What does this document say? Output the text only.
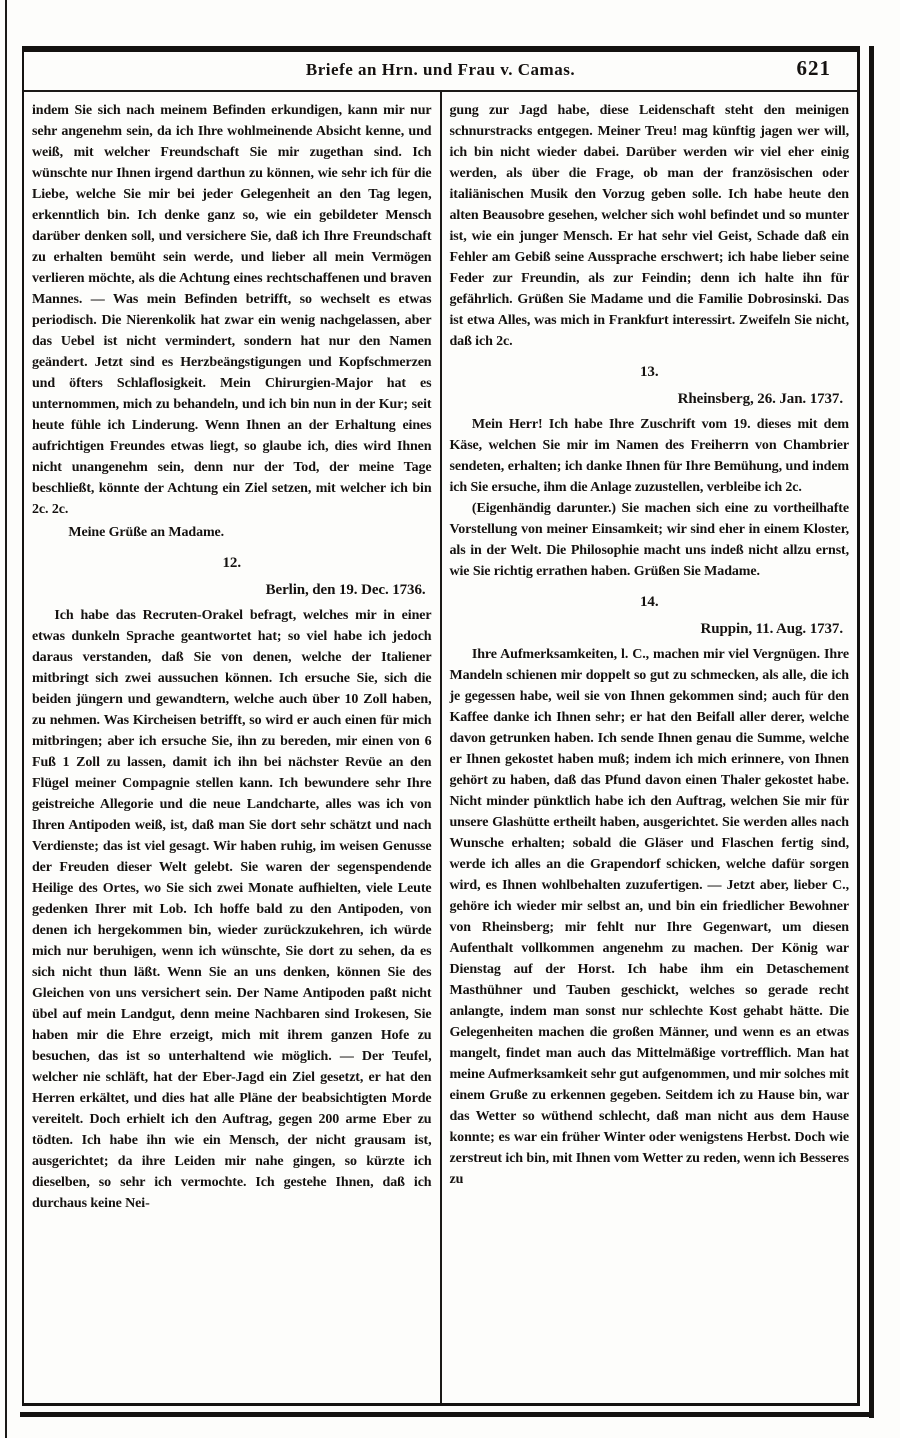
Briefe an Hrn. und Frau v. Camas.	621

indem Sie sich nach meinem Befinden erkundigen, kann mir nur sehr angenehm sein, da ich Ihre wohlmeinende Absicht kenne, und weiß, mit welcher Freundschaft Sie mir zugethan sind. Ich wünschte nur Ihnen irgend darthun zu können, wie sehr ich für die Liebe, welche Sie mir bei jeder Gelegenheit an den Tag legen, erkenntlich bin. Ich denke ganz so, wie ein gebildeter Mensch darüber denken soll, und versichere Sie, daß ich Ihre Freundschaft zu erhalten bemüht sein werde, und lieber all mein Vermögen verlieren möchte, als die Achtung eines rechtschaffenen und braven Mannes. — Was mein Befinden betrifft, so wechselt es etwas periodisch. Die Nierenkolik hat zwar ein wenig nachgelassen, aber das Uebel ist nicht vermindert, sondern hat nur den Namen geändert. Jetzt sind es Herzbeängstigungen und Kopfschmerzen und öfters Schlaflosigkeit. Mein Chirurgien-Major hat es unternommen, mich zu behandeln, und ich bin nun in der Kur; seit heute fühle ich Linderung. Wenn Ihnen an der Erhaltung eines aufrichtigen Freundes etwas liegt, so glaube ich, dies wird Ihnen nicht unangenehm sein, denn nur der Tod, der meine Tage beschließt, könnte der Achtung ein Ziel setzen, mit welcher ich bin 2c. 2c.

Meine Grüße an Madame.

12.
Berlin, den 19. Dec. 1736.

Ich habe das Recruten-Orakel befragt, welches mir in einer etwas dunkeln Sprache geantwortet hat; so viel habe ich jedoch daraus verstanden, daß Sie von denen, welche der Italiener mitbringt sich zwei aussuchen können. Ich ersuche Sie, sich die beiden jüngern und gewandtern, welche auch über 10 Zoll haben, zu nehmen. Was Kircheisen betrifft, so wird er auch einen für mich mitbringen; aber ich ersuche Sie, ihn zu bereden, mir einen von 6 Fuß 1 Zoll zu lassen, damit ich ihn bei nächster Revüe an den Flügel meiner Compagnie stellen kann. Ich bewundere sehr Ihre geistreiche Allegorie und die neue Landcharte, alles was ich von Ihren Antipoden weiß, ist, daß man Sie dort sehr schätzt und nach Verdienste; das ist viel gesagt. Wir haben ruhig, im weisen Genusse der Freuden dieser Welt gelebt. Sie waren der segenspendende Heilige des Ortes, wo Sie sich zwei Monate aufhielten, viele Leute gedenken Ihrer mit Lob. Ich hoffe bald zu den Antipoden, von denen ich hergekommen bin, wieder zurückzukehren, ich würde mich nur beruhigen, wenn ich wünschte, Sie dort zu sehen, da es sich nicht thun läßt. Wenn Sie an uns denken, können Sie des Gleichen von uns versichert sein. Der Name Antipoden paßt nicht übel auf mein Landgut, denn meine Nachbaren sind Irokesen, Sie haben mir die Ehre erzeigt, mich mit ihrem ganzen Hofe zu besuchen, das ist so unterhaltend wie möglich. — Der Teufel, welcher nie schläft, hat der Eber-Jagd ein Ziel gesetzt, er hat den Herren erkältet, und dies hat alle Pläne der beabsichtigten Morde vereitelt. Doch erhielt ich den Auftrag, gegen 200 arme Eber zu tödten. Ich habe ihn wie ein Mensch, der nicht grausam ist, ausgerichtet; da ihre Leiden mir nahe gingen, so kürzte ich dieselben, so sehr ich vermochte. Ich gestehe Ihnen, daß ich durchaus keine Nei-

gung zur Jagd habe, diese Leidenschaft steht den meinigen schnurstracks entgegen. Meiner Treu! mag künftig jagen wer will, ich bin nicht wieder dabei. Darüber werden wir viel eher einig werden, als über die Frage, ob man der französischen oder italiänischen Musik den Vorzug geben solle. Ich habe heute den alten Beausobre gesehen, welcher sich wohl befindet und so munter ist, wie ein junger Mensch. Er hat sehr viel Geist, Schade daß ein Fehler am Gebiß seine Aussprache erschwert; ich habe lieber seine Feder zur Freundin, als zur Feindin; denn ich halte ihn für gefährlich. Grüßen Sie Madame und die Familie Dobrosinski. Das ist etwa Alles, was mich in Frankfurt interessirt. Zweifeln Sie nicht, daß ich 2c.

13.
Rheinsberg, 26. Jan. 1737.

Mein Herr! Ich habe Ihre Zuschrift vom 19. dieses mit dem Käse, welchen Sie mir im Namen des Freiherrn von Chambrier sendeten, erhalten; ich danke Ihnen für Ihre Bemühung, und indem ich Sie ersuche, ihm die Anlage zuzustellen, verbleibe ich 2c.

(Eigenhändig darunter.) Sie machen sich eine zu vortheilhafte Vorstellung von meiner Einsamkeit; wir sind eher in einem Kloster, als in der Welt. Die Philosophie macht uns indeß nicht allzu ernst, wie Sie richtig errathen haben. Grüßen Sie Madame.

14.
Ruppin, 11. Aug. 1737.

Ihre Aufmerksamkeiten, l. C., machen mir viel Vergnügen. Ihre Mandeln schienen mir doppelt so gut zu schmecken, als alle, die ich je gegessen habe, weil sie von Ihnen gekommen sind; auch für den Kaffee danke ich Ihnen sehr; er hat den Beifall aller derer, welche davon getrunken haben. Ich sende Ihnen genau die Summe, welche er Ihnen gekostet haben muß; indem ich mich erinnere, von Ihnen gehört zu haben, daß das Pfund davon einen Thaler gekostet habe. Nicht minder pünktlich habe ich den Auftrag, welchen Sie mir für unsere Glashütte ertheilt haben, ausgerichtet. Sie werden alles nach Wunsche erhalten; sobald die Gläser und Flaschen fertig sind, werde ich alles an die Grapendorf schicken, welche dafür sorgen wird, es Ihnen wohlbehalten zuzufertigen. — Jetzt aber, lieber C., gehöre ich wieder mir selbst an, und bin ein friedlicher Bewohner von Rheinsberg; mir fehlt nur Ihre Gegenwart, um diesen Aufenthalt vollkommen angenehm zu machen. Der König war Dienstag auf der Horst. Ich habe ihm ein Detaschement Masthühner und Tauben geschickt, welches so gerade recht anlangte, indem man sonst nur schlechte Kost gehabt hätte. Die Gelegenheiten machen die großen Männer, und wenn es an etwas mangelt, findet man auch das Mittelmäßige vortrefflich. Man hat meine Aufmerksamkeit sehr gut aufgenommen, und mir solches mit einem Gruße zu erkennen gegeben. Seitdem ich zu Hause bin, war das Wetter so wüthend schlecht, daß man nicht aus dem Hause konnte; es war ein früher Winter oder wenigstens Herbst. Doch wie zerstreut ich bin, mit Ihnen vom Wetter zu reden, wenn ich Besseres zu
